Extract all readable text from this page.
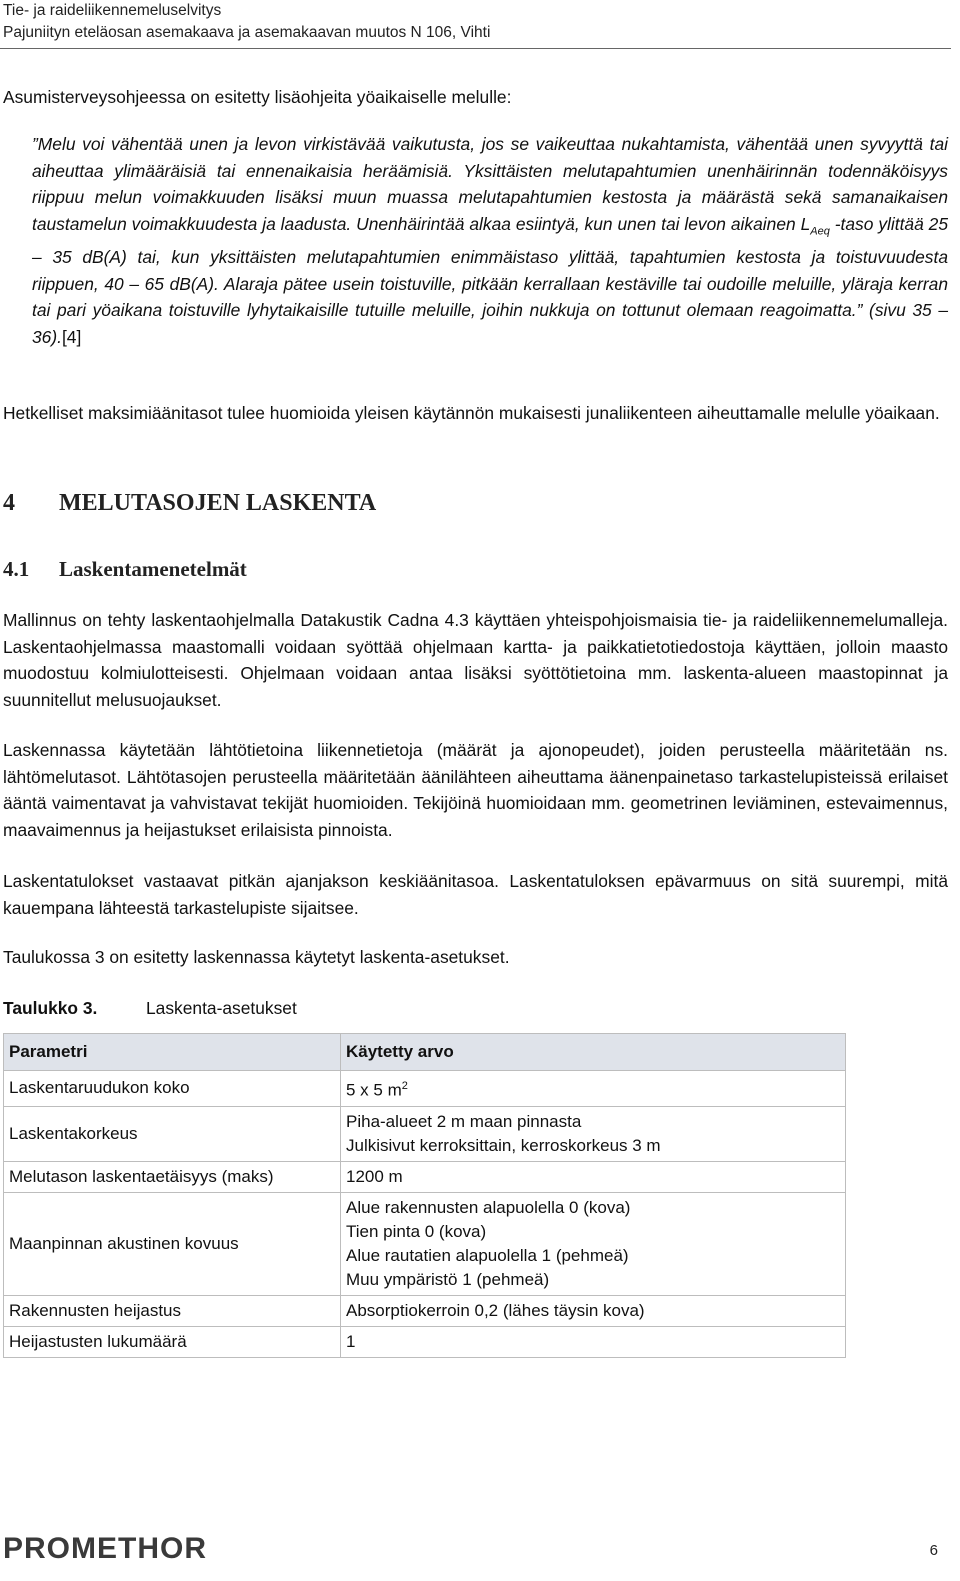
Tie- ja raideliikennemeluselvitys
Pajuniityn eteläosan asemakaava ja asemakaavan muutos N 106, Vihti

Asumisterveysohjeessa on esitetty lisäohjeita yöaikaiselle melulle:

”Melu voi vähentää unen ja levon virkistävää vaikutusta, jos se vaikeuttaa nukahtamista, vähentää unen syvyyttä tai aiheuttaa ylimääräisiä tai ennenaikaisia heräämisiä. Yksittäisten melutapahtumien unenhäirinnän todennäköisyys riippuu melun voimakkuuden lisäksi muun muassa melutapahtumien kestosta ja määrästä sekä samanaikaisen taustamelun voimakkuudesta ja laadusta. Unenhäirintää alkaa esiintyä, kun unen tai levon aikainen $L_{Aeq}$ -taso ylittää 25 – 35 dB(A) tai, kun yksittäisten melutapahtumien enimmäistaso ylittää, tapahtumien kestosta ja toistuvuudesta riippuen, 40 – 65 dB(A). Alaraja pätee usein toistuville, pitkään kerrallaan kestäville tai oudoille meluille, yläraja kerran tai pari yöaikana toistuville lyhytaikaisille tutuille meluille, joihin nukkuja on tottunut olemaan reagoimatta.” (sivu 35 – 36).[4]

Hetkelliset maksimiäänitasot tulee huomioida yleisen käytännön mukaisesti junaliikenteen aiheuttamalle melulle yöaikaan.

4 MELUTASOJEN LASKENTA
4.1 Laskentamenetelmät

Mallinnus on tehty laskentaohjelmalla Datakustik Cadna 4.3 käyttäen yhteispohjoismaisia tie- ja raideliikennemelumalleja. Laskentaohjelmassa maastomalli voidaan syöttää ohjelmaan kartta- ja paikkatietotiedostoja käyttäen, jolloin maasto muodostuu kolmiulotteisesti. Ohjelmaan voidaan antaa lisäksi syöttötietoina mm. laskenta-alueen maastopinnat ja suunnitellut melusuojaukset.

Laskennassa käytetään lähtötietoina liikennetietoja (määrät ja ajonopeudet), joiden perusteella määritetään ns. lähtömelutasot. Lähtötasojen perusteella määritetään äänilähteen aiheuttama äänenpainetaso tarkastelupisteissä erilaiset ääntä vaimentavat ja vahvistavat tekijät huomioiden. Tekijöinä huomioidaan mm. geometrinen leviäminen, estevaimennus, maavaimennus ja heijastukset erilaisista pinnoista.

Laskentatulokset vastaavat pitkän ajanjakson keskiäänitasoa. Laskentatuloksen epävarmuus on sitä suurempi, mitä kauempana lähteestä tarkastelupiste sijaitsee.

Taulukossa 3 on esitetty laskennassa käytetyt laskenta-asetukset.

Taulukko 3.	Laskenta-asetukset
Parametri	Käytetty arvo
Laskentaruudukon koko	5 x 5 $m^2$
Laskentakorkeus	Piha-alueet 2 m maan pinnasta
Julkisivut kerroksittain, kerroskorkeus 3 m

Melutason laskentaetäisyys (maks)	1200 m
Maanpinnan akustinen kovuus	Alue rakennusten alapuolella 0 (kova)
Tien pinta 0 (kova)
Alue rautatien alapuolella 1 (pehmeä)
Muu ympäristö 1 (pehmeä)

Rakennusten heijastus	Absorptiokerroin 0,2 (lähes täysin kova)
Heijastusten lukumäärä	1
PROMETHOR	6
